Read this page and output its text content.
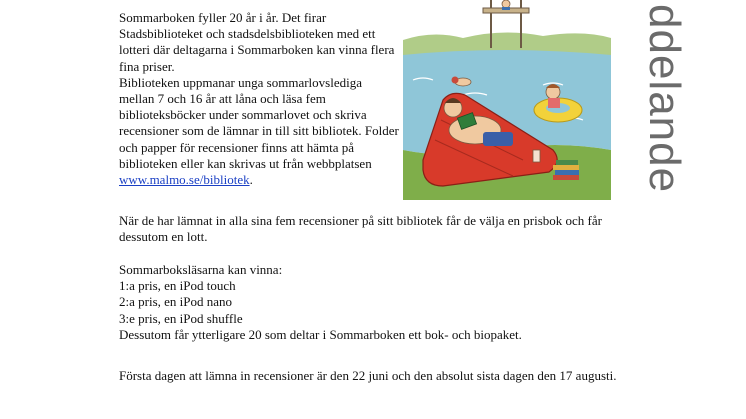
Sommarboken fyller 20 år i år. Det firar Stadsbiblioteket och stadsdelsbiblioteken med ett lotteri där deltagarna i Sommarboken kan vinna flera fina priser.

Biblioteken uppmanar unga sommarlovslediga mellan 7 och 16 år att låna och läsa fem biblioteksböcker under sommarlovet och skriva recensioner som de lämnar in till sitt bibliotek. Folder och papper för recensioner finns att hämta på biblioteken eller kan skrivas ut från webbplatsen www.malmo.se/bibliotek.

När de har lämnat in alla sina fem recensioner på sitt bibliotek får de välja en prisbok och får dessutom en lott.

Sommarboksläsarna kan vinna:

1:a pris, en iPod touch

2:a pris, en iPod nano

3:e pris, en iPod shuffle

Dessutom får ytterligare 20 som deltar i Sommarboken ett bok- och biopaket.

Första dagen att lämna in recensioner är den 22 juni och den absolut sista dagen den 17 augusti.

ddelande
